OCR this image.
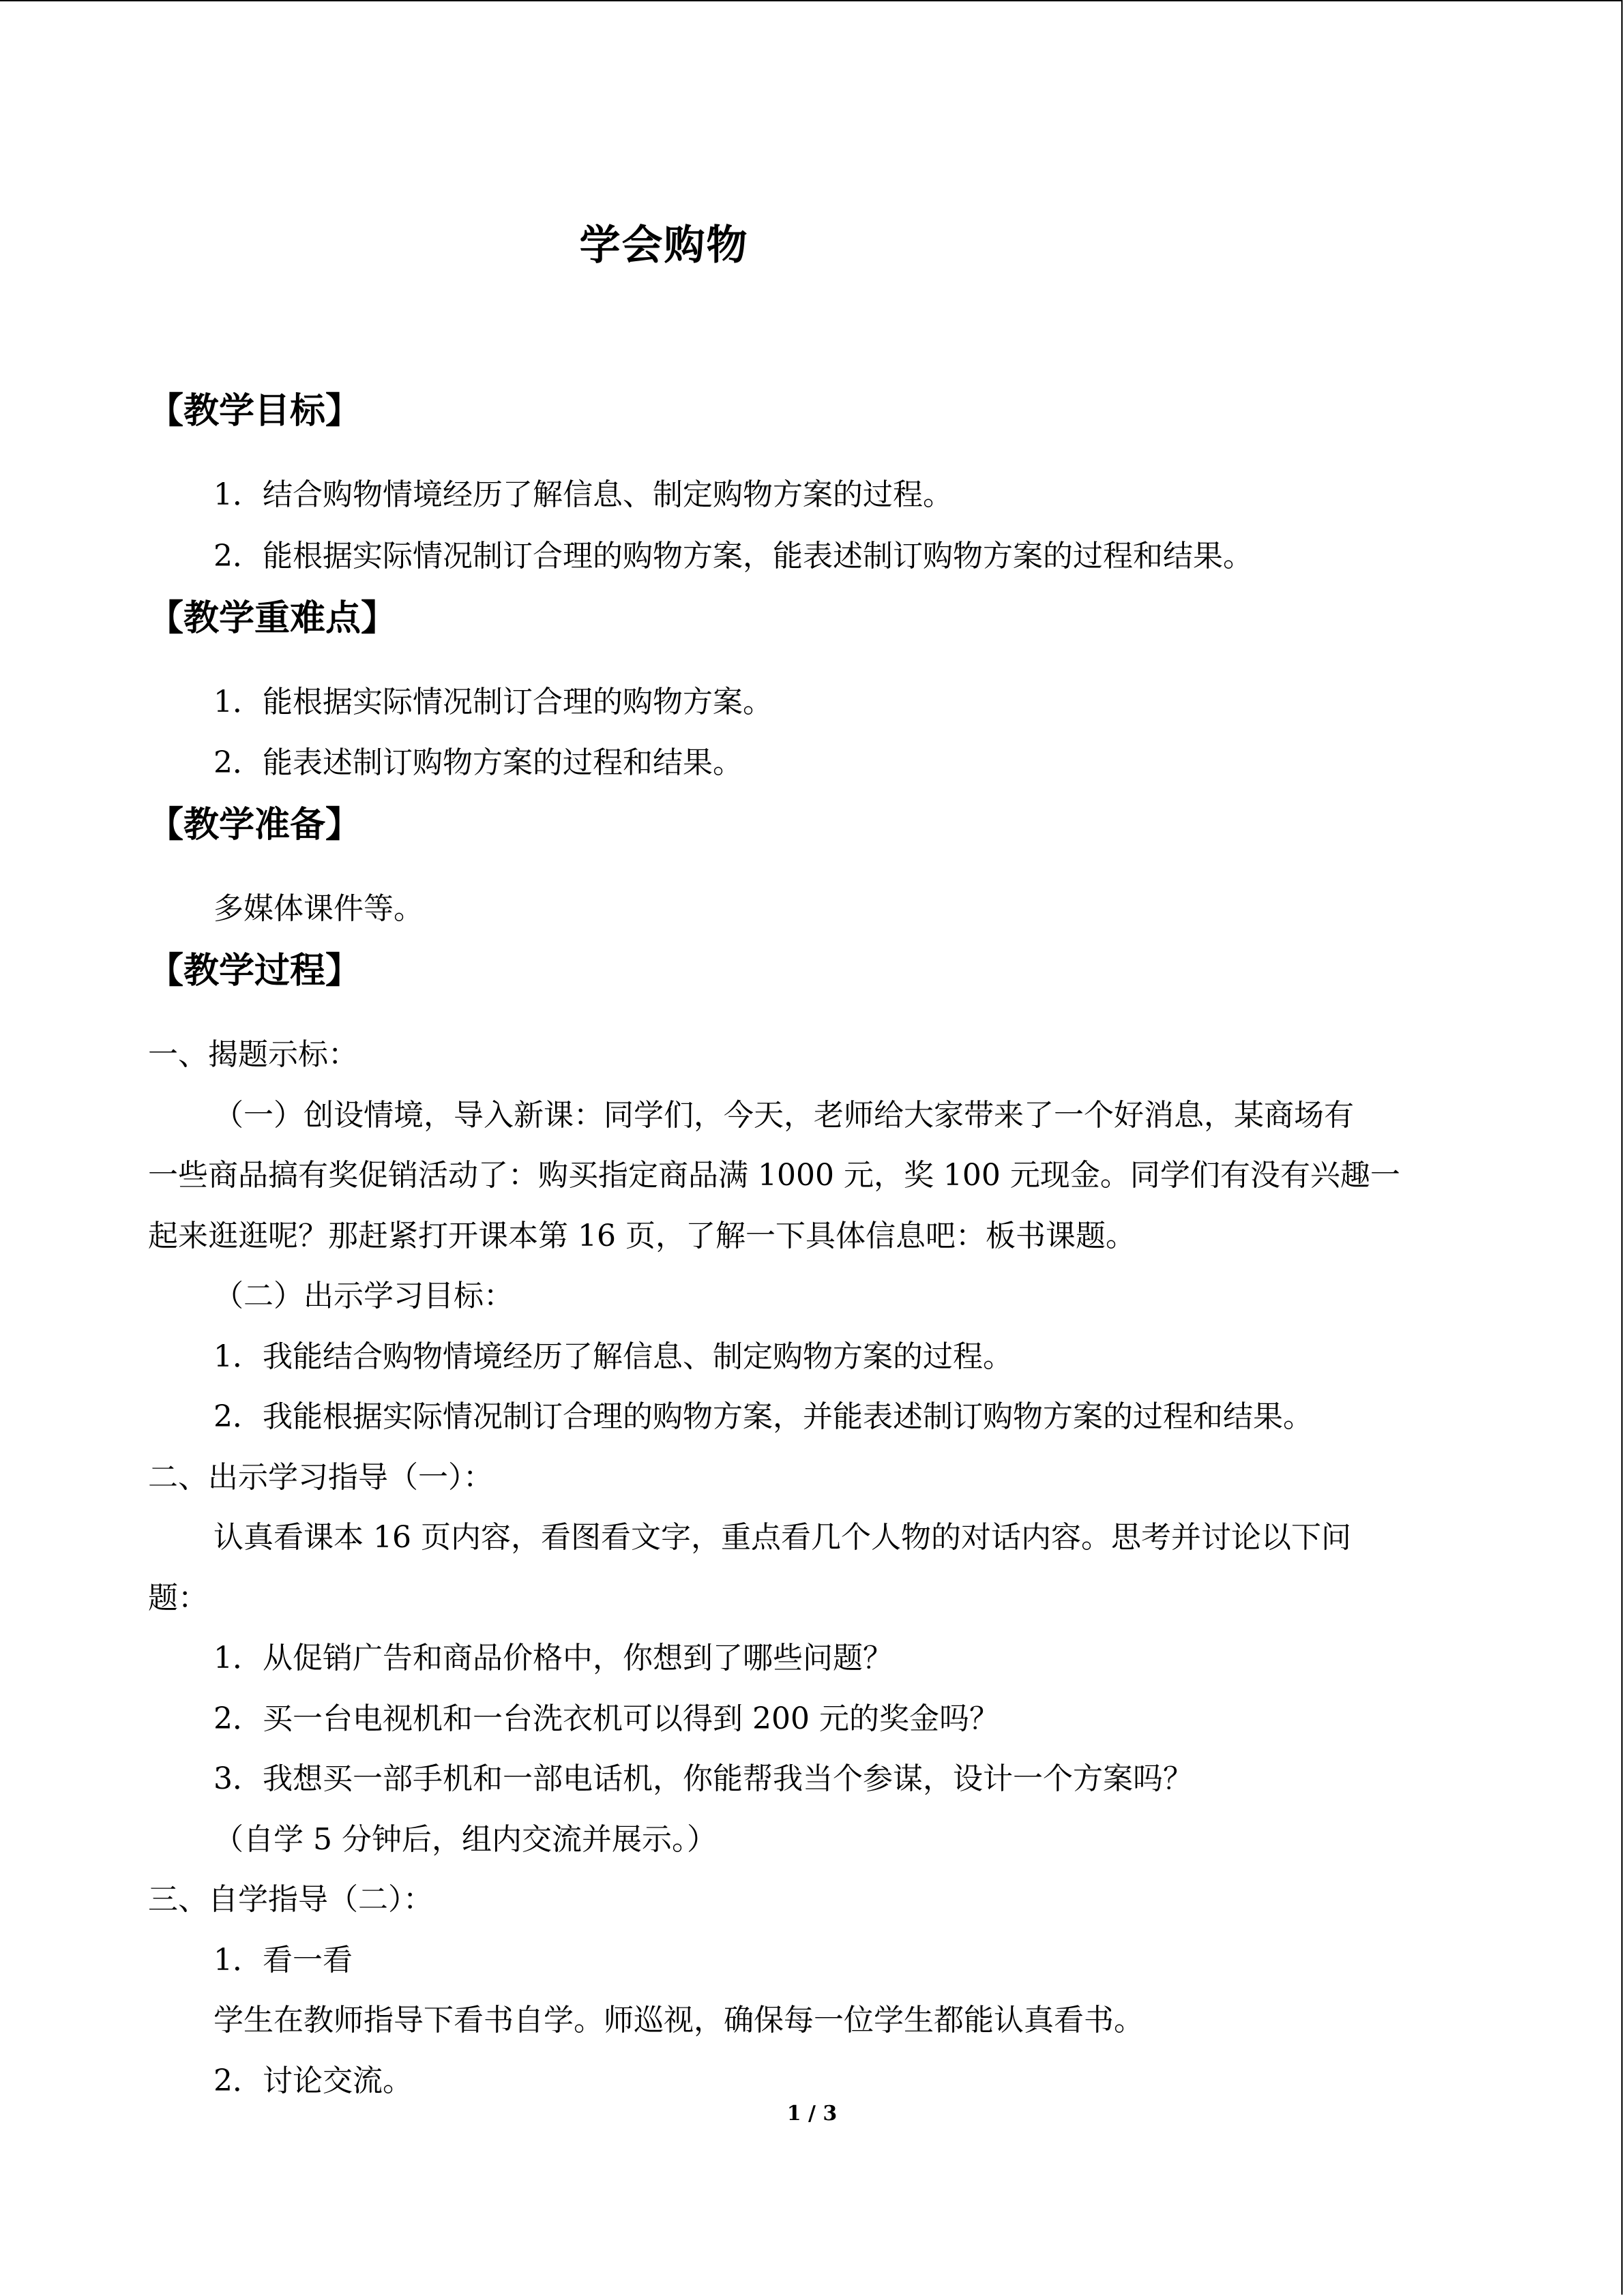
学会购物
【教学目标】
1．结合购物情境经历了解信息、制定购物方案的过程。
2．能根据实际情况制订合理的购物方案，能表述制订购物方案的过程和结果。
【教学重难点】
1．能根据实际情况制订合理的购物方案。
2．能表述制订购物方案的过程和结果。
【教学准备】
多媒体课件等。
【教学过程】
一、揭题示标：
（一）创设情境，导入新课：同学们，今天，老师给大家带来了一个好消息，某商场有
一些商品搞有奖促销活动了：购买指定商品满 1000 元，奖 100 元现金。同学们有没有兴趣一
起来逛逛呢？那赶紧打开课本第 16 页，了解一下具体信息吧：板书课题。
（二）出示学习目标：
1．我能结合购物情境经历了解信息、制定购物方案的过程。
2．我能根据实际情况制订合理的购物方案，并能表述制订购物方案的过程和结果。
二、出示学习指导（一）：
认真看课本 16 页内容，看图看文字，重点看几个人物的对话内容。思考并讨论以下问
题：
1．从促销广告和商品价格中，你想到了哪些问题？
2．买一台电视机和一台洗衣机可以得到 200 元的奖金吗？
3．我想买一部手机和一部电话机，你能帮我当个参谋，设计一个方案吗？
（自学 5 分钟后，组内交流并展示。）
三、自学指导（二）：
1．看一看
学生在教师指导下看书自学。师巡视，确保每一位学生都能认真看书。
2．讨论交流。
1 / 3
